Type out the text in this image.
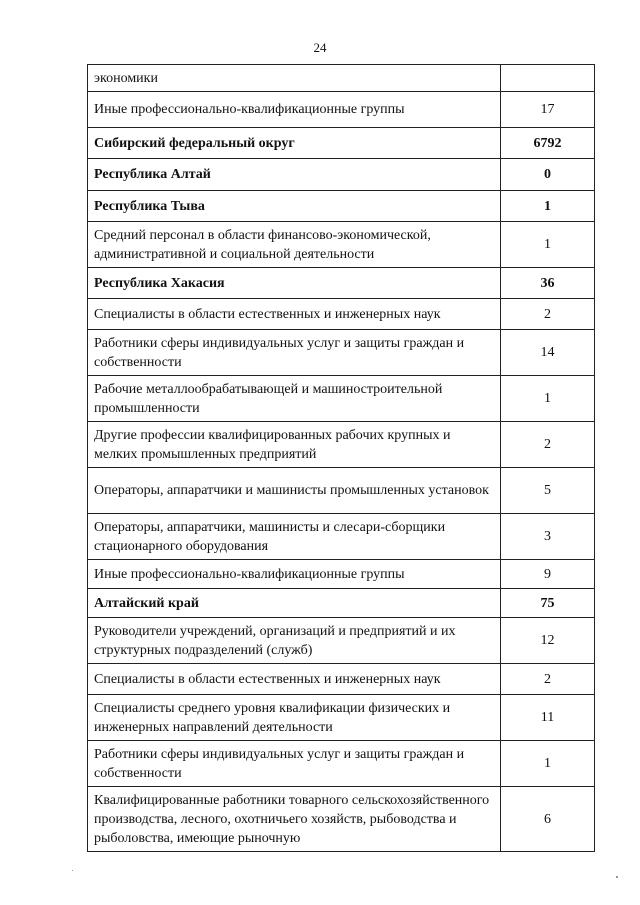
24
экономики	
Иные профессионально-квалификационные группы	17
Сибирский федеральный округ	6792
Республика Алтай	0
Республика Тыва	1
Средний персонал в области финансово-экономической, административной и социальной деятельности	1
Республика Хакасия	36
Специалисты в области естественных и инженерных наук	2
Работники сферы индивидуальных услуг и защиты граждан и собственности	14
Рабочие металлообрабатывающей и машиностроительной промышленности	1
Другие профессии квалифицированных рабочих крупных и мелких промышленных предприятий	2
Операторы, аппаратчики и машинисты промышленных установок	5
Операторы, аппаратчики, машинисты и слесари-сборщики стационарного оборудования	3
Иные профессионально-квалификационные группы	9
Алтайский край	75
Руководители учреждений, организаций и предприятий и их структурных подразделений (служб)	12
Специалисты в области естественных и инженерных наук	2
Специалисты среднего уровня квалификации физических и инженерных направлений деятельности	11
Работники сферы индивидуальных услуг и защиты граждан и собственности	1
Квалифицированные работники товарного сельскохозяйственного производства, лесного, охотничьего хозяйств, рыбоводства и рыболовства, имеющие рыночную	6
